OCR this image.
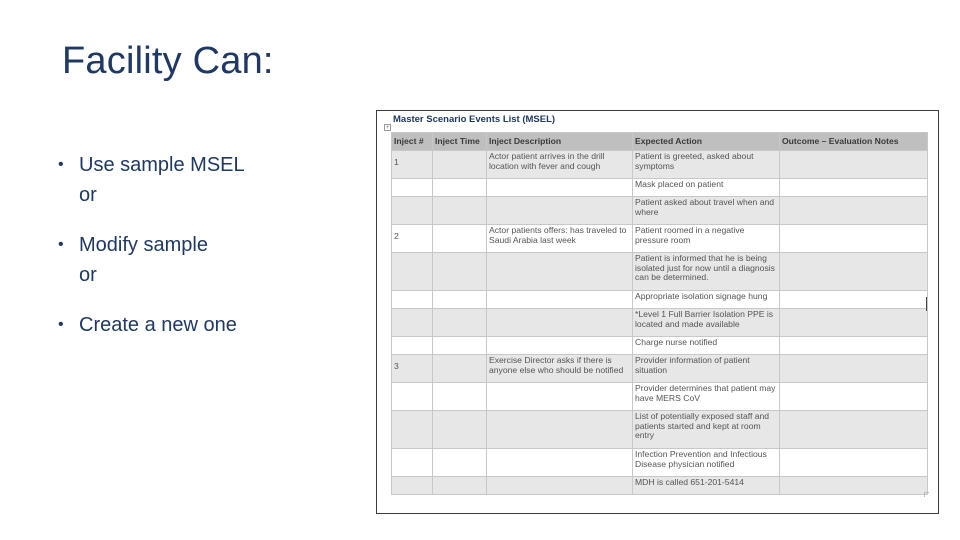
Facility Can:
• Use sample MSEL
or
• Modify sample
or
• Create a new one
Master Scenario Events List (MSEL)
+
Inject #	Inject Time	Inject Description	Expected Action	Outcome – Evaluation Notes
1		Actor patient arrives in the drill location with fever and cough	Patient is greeted, asked about symptoms	
			Mask placed on patient	
			Patient asked about travel when and where	
2		Actor patients offers: has traveled to Saudi Arabia last week	Patient roomed in a negative pressure room	
			Patient is informed that he is being isolated just for now until a diagnosis can be determined.	
			Appropriate isolation signage hung	
			*Level 1 Full Barrier Isolation PPE is located and made available	
			Charge nurse notified	
3		Exercise Director asks if there is anyone else who should be notified	Provider information of patient situation	
			Provider determines that patient may have MERS CoV	
			List of potentially exposed staff and patients started and kept at room entry	
			Infection Prevention and Infectious Disease physician notified	
			MDH is called 651-201-5414	
